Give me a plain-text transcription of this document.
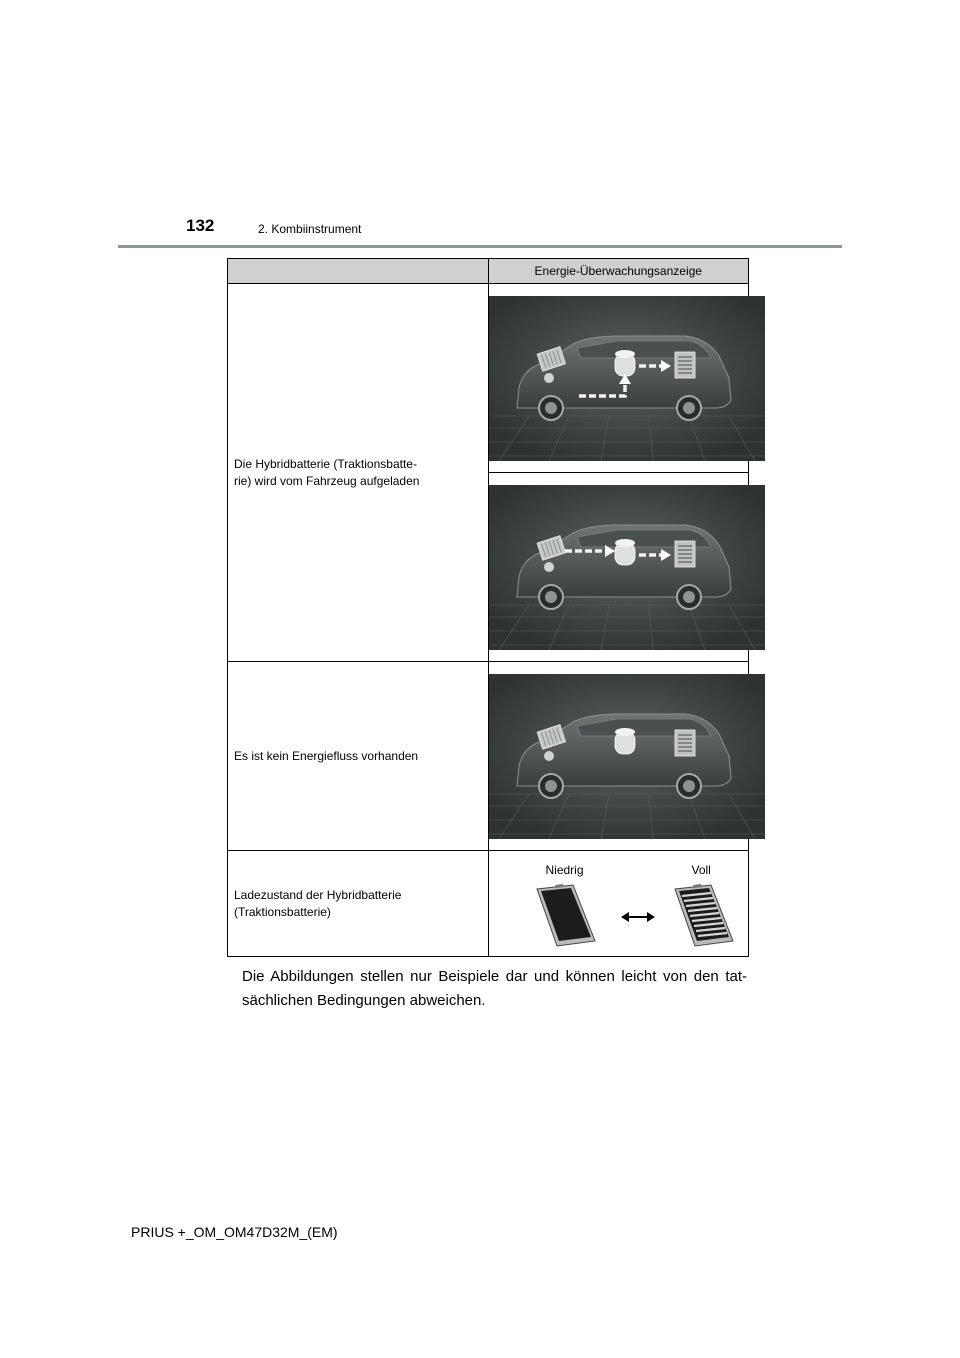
132	2. Kombiinstrument
	Energie-Überwachungsanzeige

Die Hybridbatterie (Traktionsbatte-
rie) wird vom Fahrzeug aufgeladen

Es ist kein Energiefluss vorhanden

Ladezustand der Hybridbatterie
(Traktionsbatterie)	Niedrig Voll
Die Abbildungen stellen nur Beispiele dar und können leicht von den tat-sächlichen Bedingungen abweichen.
PRIUS +_OM_OM47D32M_(EM)
